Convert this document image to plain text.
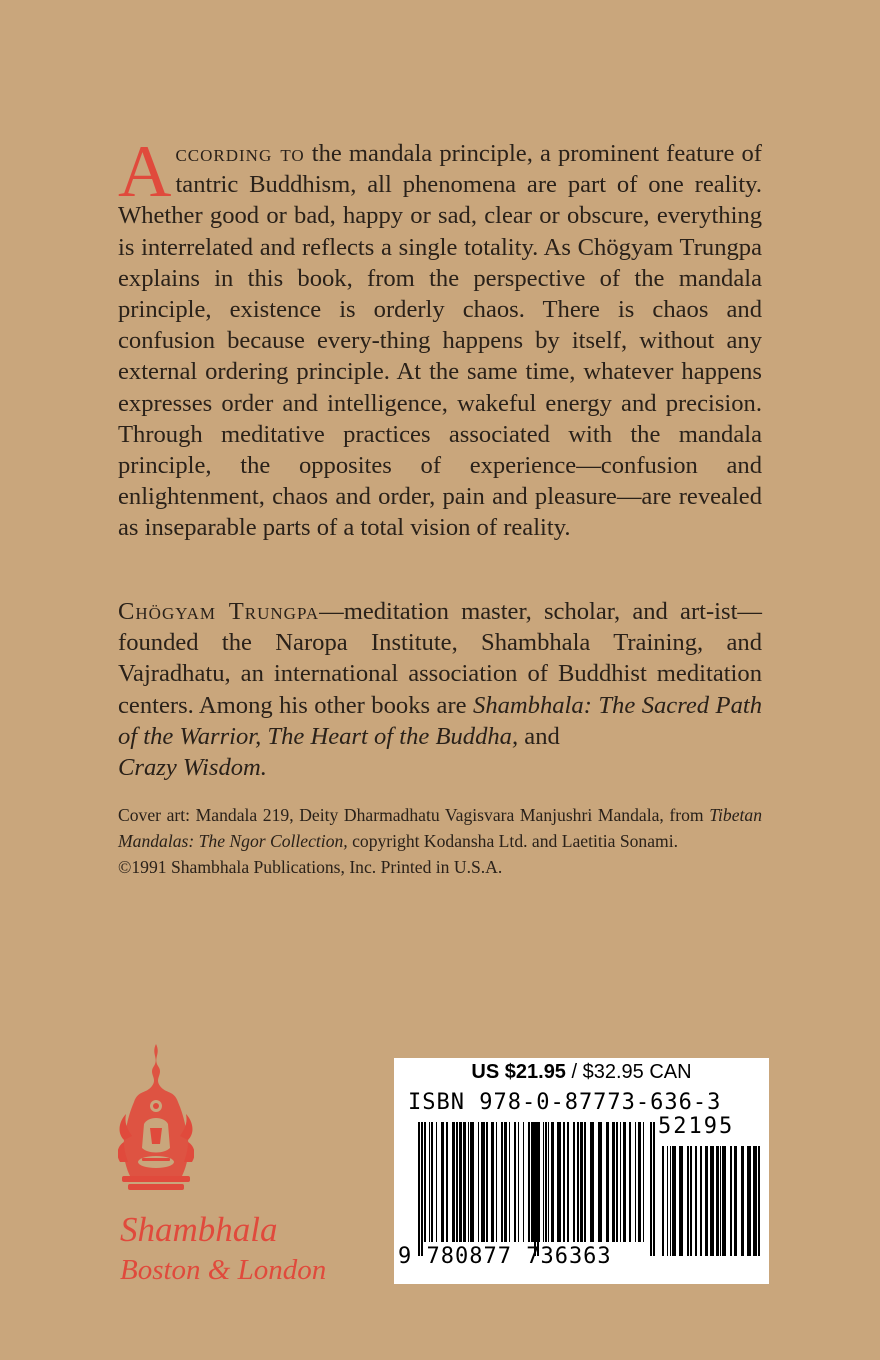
According to the mandala principle, a prominent feature of tantric Buddhism, all phenomena are part of one reality. Whether good or bad, happy or sad, clear or obscure, everything is interrelated and reflects a single totality. As Chögyam Trungpa explains in this book, from the perspective of the mandala principle, existence is orderly chaos. There is chaos and confusion because every-thing happens by itself, without any external ordering principle. At the same time, whatever happens expresses order and intelligence, wakeful energy and precision. Through meditative practices associated with the mandala principle, the opposites of experience—confusion and enlightenment, chaos and order, pain and pleasure—are revealed as inseparable parts of a total vision of reality.

Chögyam Trungpa—meditation master, scholar, and art-ist—founded the Naropa Institute, Shambhala Training, and Vajradhatu, an international association of Buddhist meditation centers. Among his other books are Shambhala: The Sacred Path of the Warrior, The Heart of the Buddha, and
Crazy Wisdom.

Cover art: Mandala 219, Deity Dharmadhatu Vagisvara Manjushri Mandala, from Tibetan Mandalas: The Ngor Collection, copyright Kodansha Ltd. and Laetitia Sonami.

©1991 Shambhala Publications, Inc. Printed in U.S.A.

Shambhala
Boston & London
US $21.95 / $32.95 CAN
ISBN 978-0-87773-636-3
52195
9 780877 736363
